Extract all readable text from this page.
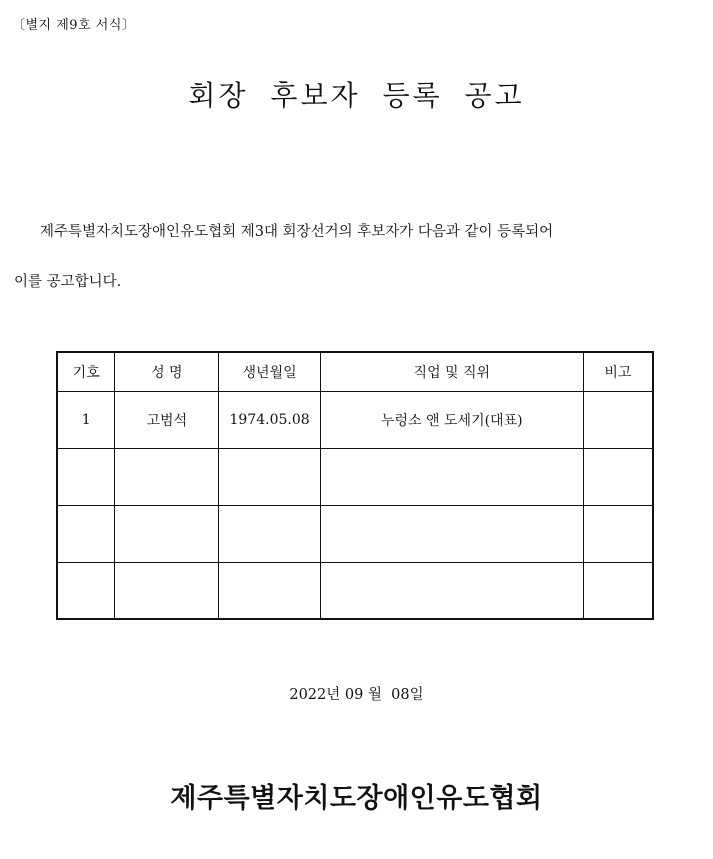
〔별지 제9호 서식〕
회장 후보자 등록 공고
제주특별자치도장애인유도협회 제3대 회장선거의 후보자가 다음과 같이 등록되어
이를 공고합니다.
기호	성 명	생년월일	직업 및 직위	비고
1	고범석	1974.05.08	누렁소 앤 도세기(대표)	

2022년 09 월 08일
제주특별자치도장애인유도협회
